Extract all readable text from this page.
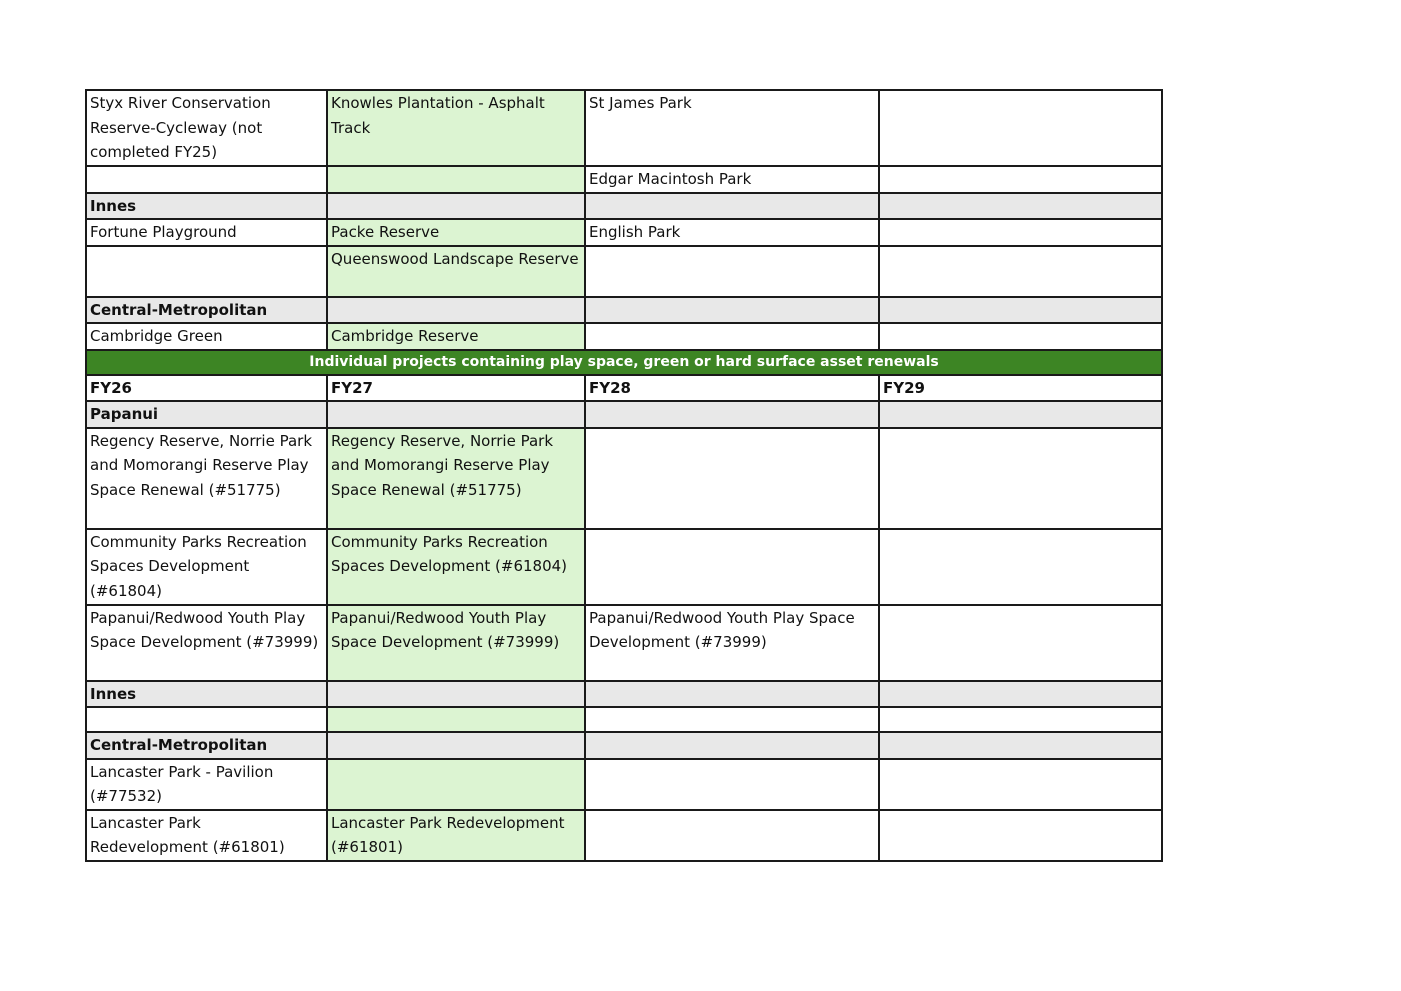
Styx River Conservation Reserve-Cycleway (not completed FY25)	Knowles Plantation - Asphalt Track	St James Park	
		Edgar Macintosh Park	
Innes			
Fortune Playground	Packe Reserve	English Park	
	Queenswood Landscape Reserve		
Central-Metropolitan			
Cambridge Green	Cambridge Reserve		
Individual projects containing play space, green or hard surface asset renewals			
FY26	FY27	FY28	FY29
Papanui			
Regency Reserve, Norrie Park and Momorangi Reserve Play Space Renewal (#51775)	Regency Reserve, Norrie Park and Momorangi Reserve Play Space Renewal (#51775)		
Community Parks Recreation Spaces Development (#61804)	Community Parks Recreation Spaces Development (#61804)		
Papanui/Redwood Youth Play Space Development (#73999)	Papanui/Redwood Youth Play Space Development (#73999)	Papanui/Redwood Youth Play Space Development (#73999)	
Innes			

Central-Metropolitan			
Lancaster Park - Pavilion (#77532)			
Lancaster Park Redevelopment (#61801)	Lancaster Park Redevelopment (#61801)		
